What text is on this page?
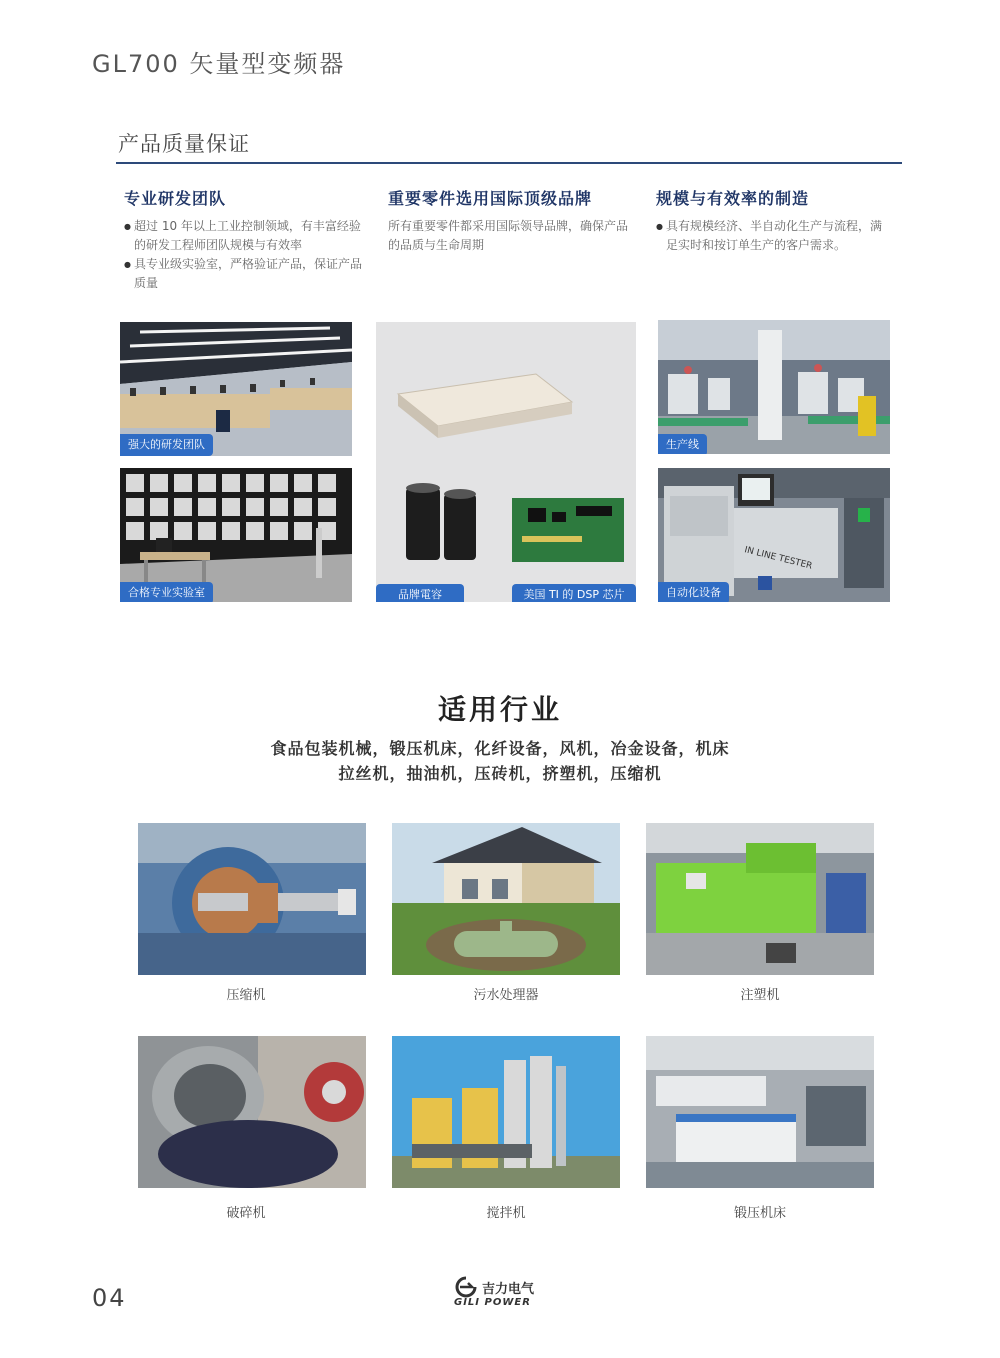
GL700 矢量型变频器
产品质量保证
专业研发团队
● 超过 10 年以上工业控制领域，有丰富经验的研发工程师团队规模与有效率
● 具专业级实验室，严格验证产品，保证产品质量
重要零件选用国际顶级品牌

所有重要零件都采用国际领导品牌，确保产品的品质与生命周期

规模与有效率的制造
● 具有规模经济、半自动化生产与流程，满足实时和按订单生产的客户需求。
强大的研发团队
合格专业实验室	品牌電容	美国 TI 的 DSP 芯片
生产线
IN LINE TESTER
自动化设备
适用行业
食品包装机械，锻压机床，化纤设备，风机，冶金设备，机床
拉丝机，抽油机，压砖机，挤塑机，压缩机
压缩机	污水处理器	注塑机
破碎机	搅拌机	锻压机床
04	吉力电气
GILI POWER
